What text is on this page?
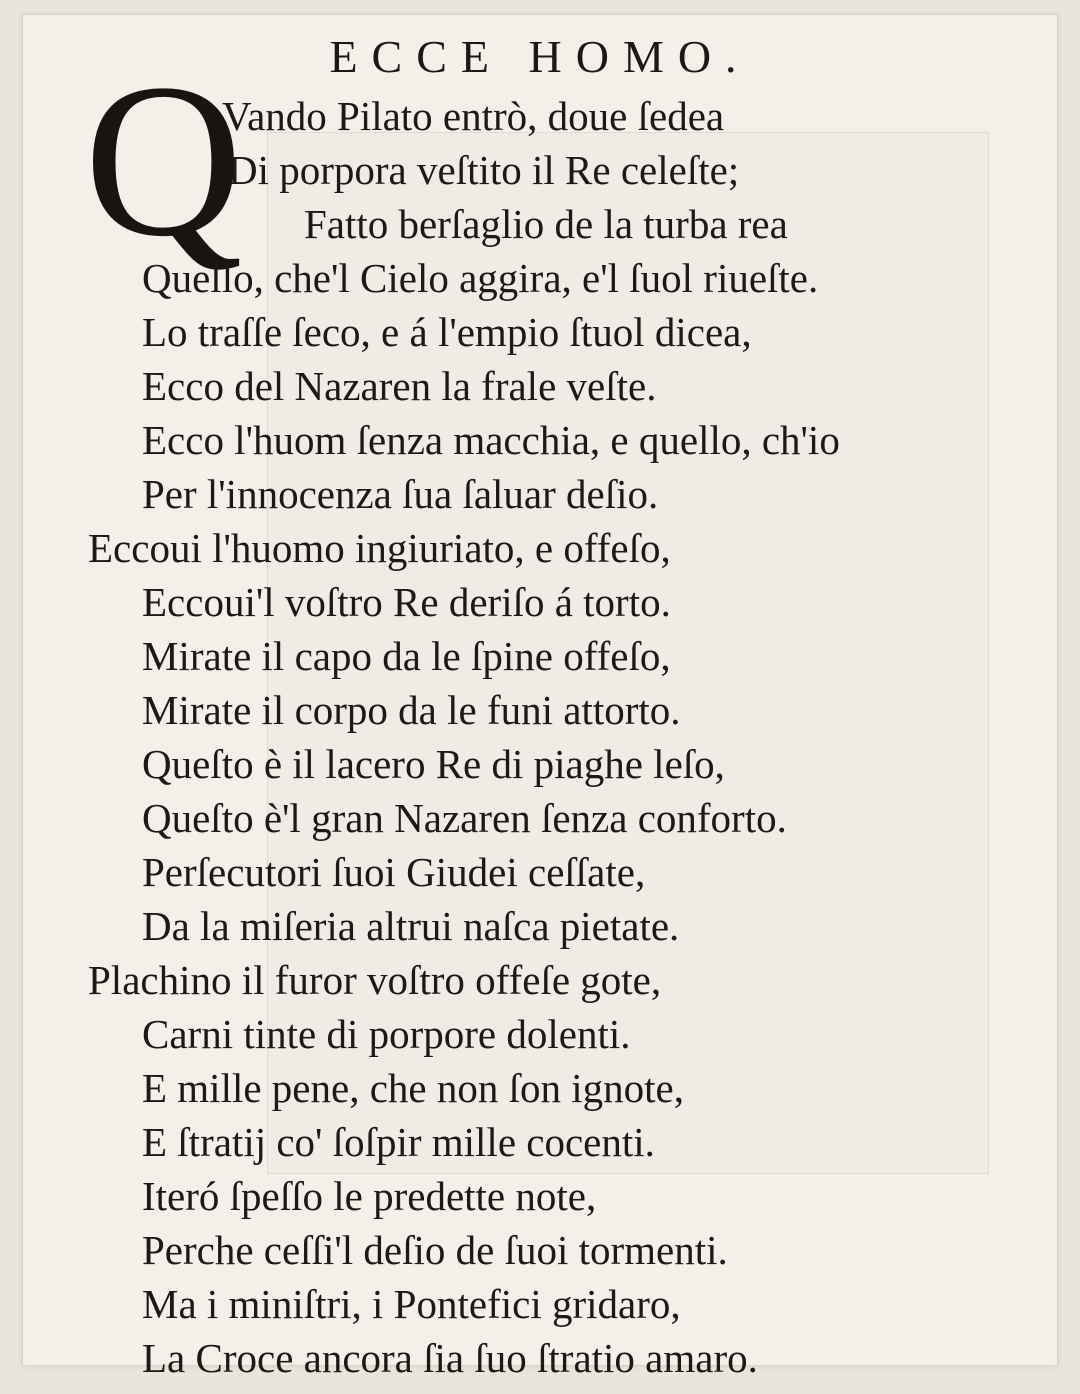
ECCE HOMO.
Q
Vando Pilato entrò, doue ſedea
Di porpora veſtito il Re celeſte;
Fatto berſaglio de la turba rea
Quello, che'l Cielo aggira, e'l ſuol riueſte.
Lo traſſe ſeco, e á l'empio ſtuol dicea,
Ecco del Nazaren la frale veſte.
Ecco l'huom ſenza macchia, e quello, ch'io
Per l'innocenza ſua ſaluar deſio.
Eccoui l'huomo ingiuriato, e offeſo,
Eccoui'l voſtro Re deriſo á torto.
Mirate il capo da le ſpine offeſo,
Mirate il corpo da le funi attorto.
Queſto è il lacero Re di piaghe leſo,
Queſto è'l gran Nazaren ſenza conforto.
Perſecutori ſuoi Giudei ceſſate,
Da la miſeria altrui naſca pietate.
Plachino il furor voſtro offeſe gote,
Carni tinte di porpore dolenti.
E mille pene, che non ſon ignote,
E ſtratij co' ſoſpir mille cocenti.
Iteró ſpeſſo le predette note,
Perche ceſſi'l deſio de ſuoi tormenti.
Ma i miniſtri, i Pontefici gridaro,
La Croce ancora ſia ſuo ſtratio amaro.
